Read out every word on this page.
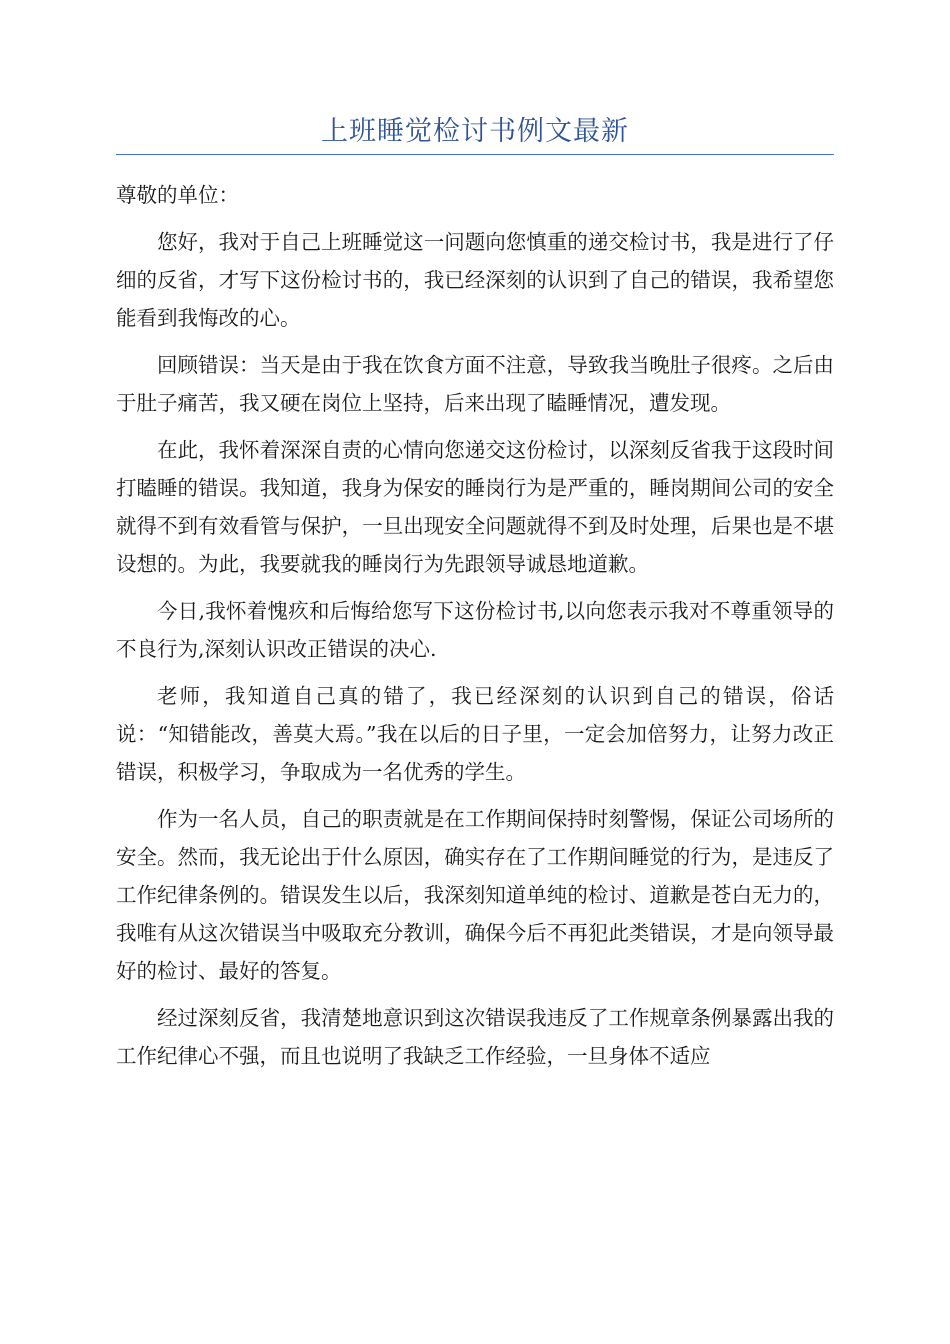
上班睡觉检讨书例文最新

尊敬的单位：

您好，我对于自己上班睡觉这一问题向您慎重的递交检讨书，我是进行了仔细的反省，才写下这份检讨书的，我已经深刻的认识到了自己的错误，我希望您能看到我悔改的心。

回顾错误：当天是由于我在饮食方面不注意，导致我当晚肚子很疼。之后由于肚子痛苦，我又硬在岗位上坚持，后来出现了瞌睡情况，遭发现。

在此，我怀着深深自责的心情向您递交这份检讨，以深刻反省我于这段时间打瞌睡的错误。我知道，我身为保安的睡岗行为是严重的，睡岗期间公司的安全就得不到有效看管与保护，一旦出现安全问题就得不到及时处理，后果也是不堪设想的。为此，我要就我的睡岗行为先跟领导诚恳地道歉。

今日,我怀着愧疚和后悔给您写下这份检讨书,以向您表示我对不尊重领导的不良行为,深刻认识改正错误的决心.

老师，我知道自己真的错了，我已经深刻的认识到自己的错误，俗话说：“知错能改，善莫大焉。”我在以后的日子里，一定会加倍努力，让努力改正错误，积极学习，争取成为一名优秀的学生。

作为一名人员，自己的职责就是在工作期间保持时刻警惕，保证公司场所的安全。然而，我无论出于什么原因，确实存在了工作期间睡觉的行为，是违反了工作纪律条例的。错误发生以后，我深刻知道单纯的检讨、道歉是苍白无力的，我唯有从这次错误当中吸取充分教训，确保今后不再犯此类错误，才是向领导最好的检讨、最好的答复。

经过深刻反省，我清楚地意识到这次错误我违反了工作规章条例暴露出我的工作纪律心不强，而且也说明了我缺乏工作经验，一旦身体不适应
